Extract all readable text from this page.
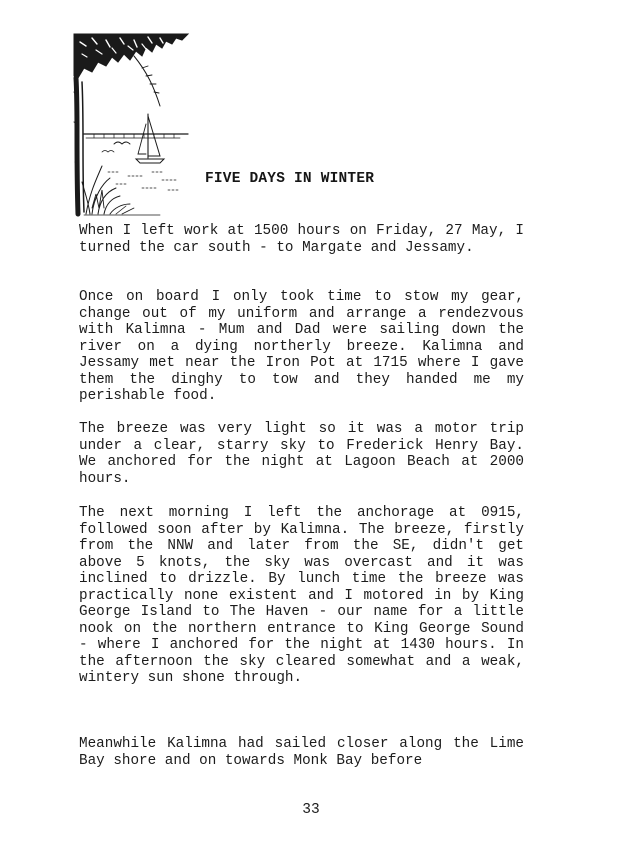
FIVE DAYS IN WINTER
When I left work at 1500 hours on Friday, 27 May, I turned the car south - to Margate and Jessamy.
Once on board I only took time to stow my gear, change out of my uniform and arrange a rendezvous with Kalimna - Mum and Dad were sailing down the river on a dying northerly breeze. Kalimna and Jessamy met near the Iron Pot at 1715 where I gave them the dinghy to tow and they handed me my perishable food.
The breeze was very light so it was a motor trip under a clear, starry sky to Frederick Henry Bay. We anchored for the night at Lagoon Beach at 2000 hours.
The next morning I left the anchorage at 0915, followed soon after by Kalimna. The breeze, firstly from the NNW and later from the SE, didn't get above 5 knots, the sky was overcast and it was inclined to drizzle. By lunch time the breeze was practically none existent and I motored in by King George Island to The Haven - our name for a little nook on the northern entrance to King George Sound - where I anchored for the night at 1430 hours. In the afternoon the sky cleared somewhat and a weak, wintery sun shone through.
Meanwhile Kalimna had sailed closer along the Lime Bay shore and on towards Monk Bay before
33
